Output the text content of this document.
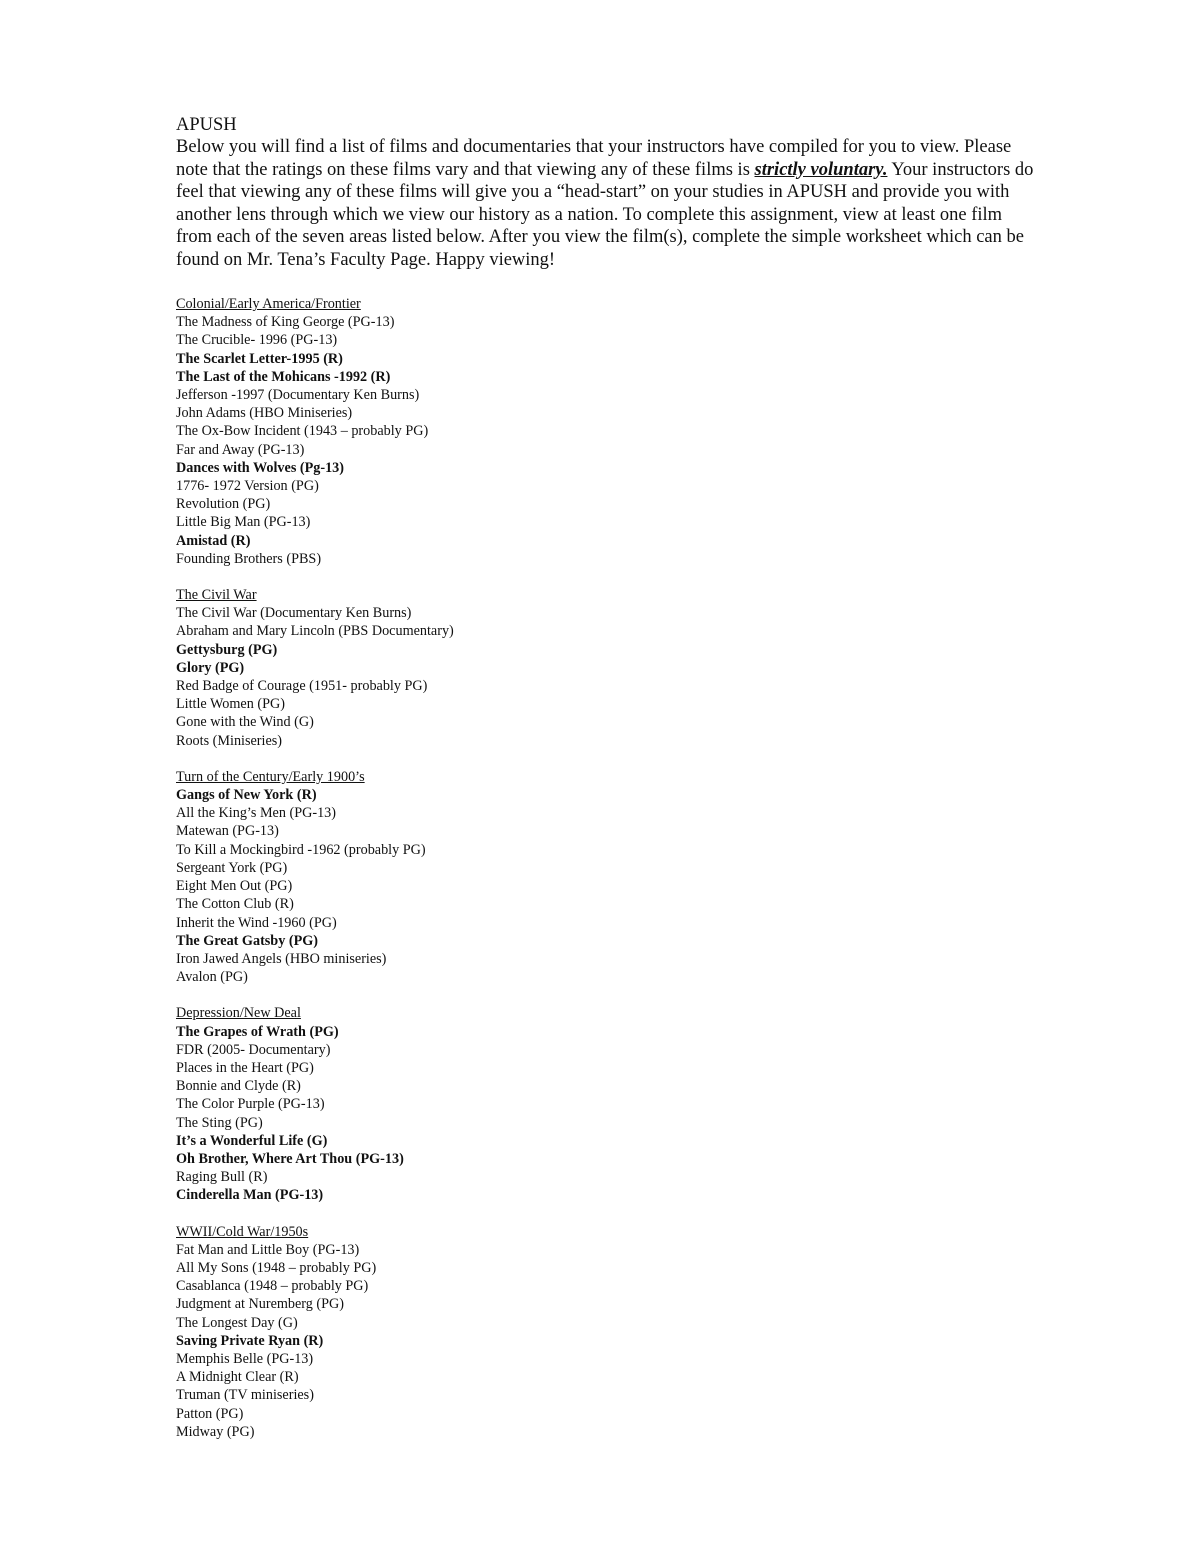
APUSH

Below you will find a list of films and documentaries that your instructors have compiled for you to view. Please note that the ratings on these films vary and that viewing any of these films is strictly voluntary. Your instructors do feel that viewing any of these films will give you a “head-start” on your studies in APUSH and provide you with another lens through which we view our history as a nation. To complete this assignment, view at least one film from each of the seven areas listed below. After you view the film(s), complete the simple worksheet which can be found on Mr. Tena’s Faculty Page. Happy viewing!

Colonial/Early America/Frontier
The Madness of King George (PG-13)
The Crucible- 1996 (PG-13)
The Scarlet Letter-1995 (R)
The Last of the Mohicans -1992 (R)
Jefferson -1997 (Documentary Ken Burns)
John Adams (HBO Miniseries)
The Ox-Bow Incident (1943 – probably PG)
Far and Away (PG-13)
Dances with Wolves (Pg-13)
1776- 1972 Version (PG)
Revolution (PG)
Little Big Man (PG-13)
Amistad (R)
Founding Brothers (PBS)
The Civil War
The Civil War (Documentary Ken Burns)
Abraham and Mary Lincoln (PBS Documentary)
Gettysburg (PG)
Glory (PG)
Red Badge of Courage (1951- probably PG)
Little Women (PG)
Gone with the Wind (G)
Roots (Miniseries)
Turn of the Century/Early 1900’s
Gangs of New York (R)
All the King’s Men (PG-13)
Matewan (PG-13)
To Kill a Mockingbird -1962 (probably PG)
Sergeant York (PG)
Eight Men Out (PG)
The Cotton Club (R)
Inherit the Wind -1960 (PG)
The Great Gatsby (PG)
Iron Jawed Angels (HBO miniseries)
Avalon (PG)
Depression/New Deal
The Grapes of Wrath (PG)
FDR (2005- Documentary)
Places in the Heart (PG)
Bonnie and Clyde (R)
The Color Purple (PG-13)
The Sting (PG)
It’s a Wonderful Life (G)
Oh Brother, Where Art Thou (PG-13)
Raging Bull (R)
Cinderella Man (PG-13)
WWII/Cold War/1950s
Fat Man and Little Boy (PG-13)
All My Sons (1948 – probably PG)
Casablanca (1948 – probably PG)
Judgment at Nuremberg (PG)
The Longest Day (G)
Saving Private Ryan (R)
Memphis Belle (PG-13)
A Midnight Clear (R)
Truman (TV miniseries)
Patton (PG)
Midway (PG)
